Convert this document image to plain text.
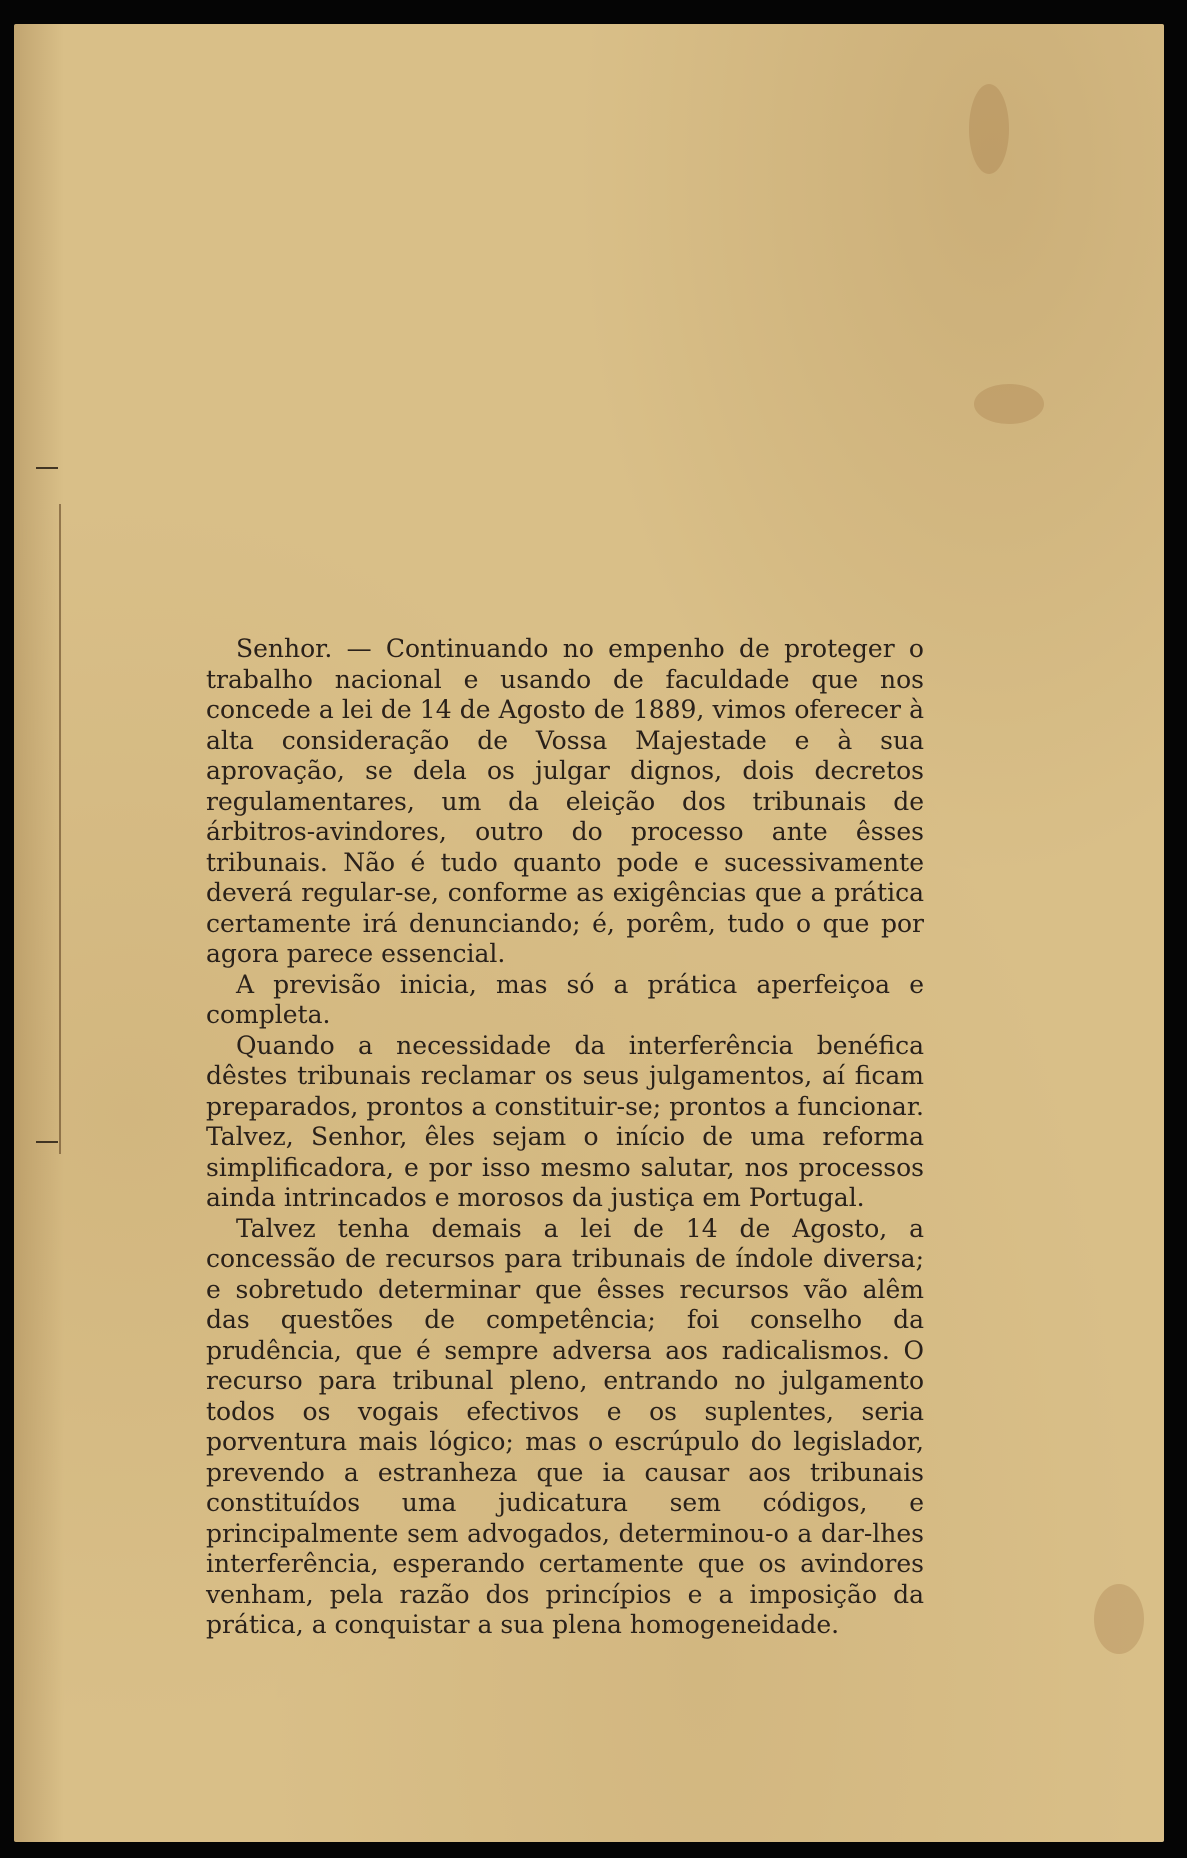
Senhor. — Continuando no empenho de proteger o trabalho nacional e usando de faculdade que nos concede a lei de 14 de Agosto de 1889, vimos oferecer à alta consideração de Vossa Majestade e à sua aprovação, se dela os julgar dignos, dois decretos regulamentares, um da eleição dos tribunais de árbitros-avindores, outro do processo ante êsses tribunais. Não é tudo quanto pode e sucessivamente deverá regular-se, conforme as exigências que a prática certamente irá denunciando; é, porêm, tudo o que por agora parece essencial.

A previsão inicia, mas só a prática aperfeiçoa e completa.

Quando a necessidade da interferência benéfica dêstes tribunais reclamar os seus julgamentos, aí ficam preparados, prontos a constituir-se; prontos a funcionar. Talvez, Senhor, êles sejam o início de uma reforma simplificadora, e por isso mesmo salutar, nos processos ainda intrincados e morosos da justiça em Portugal.

Talvez tenha demais a lei de 14 de Agosto, a concessão de recursos para tribunais de índole diversa; e sobretudo determinar que êsses recursos vão alêm das questões de competência; foi conselho da prudência, que é sempre adversa aos radicalismos. O recurso para tribunal pleno, entrando no julgamento todos os vogais efectivos e os suplentes, seria porventura mais lógico; mas o escrúpulo do legislador, prevendo a estranheza que ia causar aos tribunais constituídos uma judicatura sem códigos, e principalmente sem advogados, determinou-o a dar-lhes interferência, esperando certamente que os avindores venham, pela razão dos princípios e a imposição da prática, a conquistar a sua plena homogeneidade.
